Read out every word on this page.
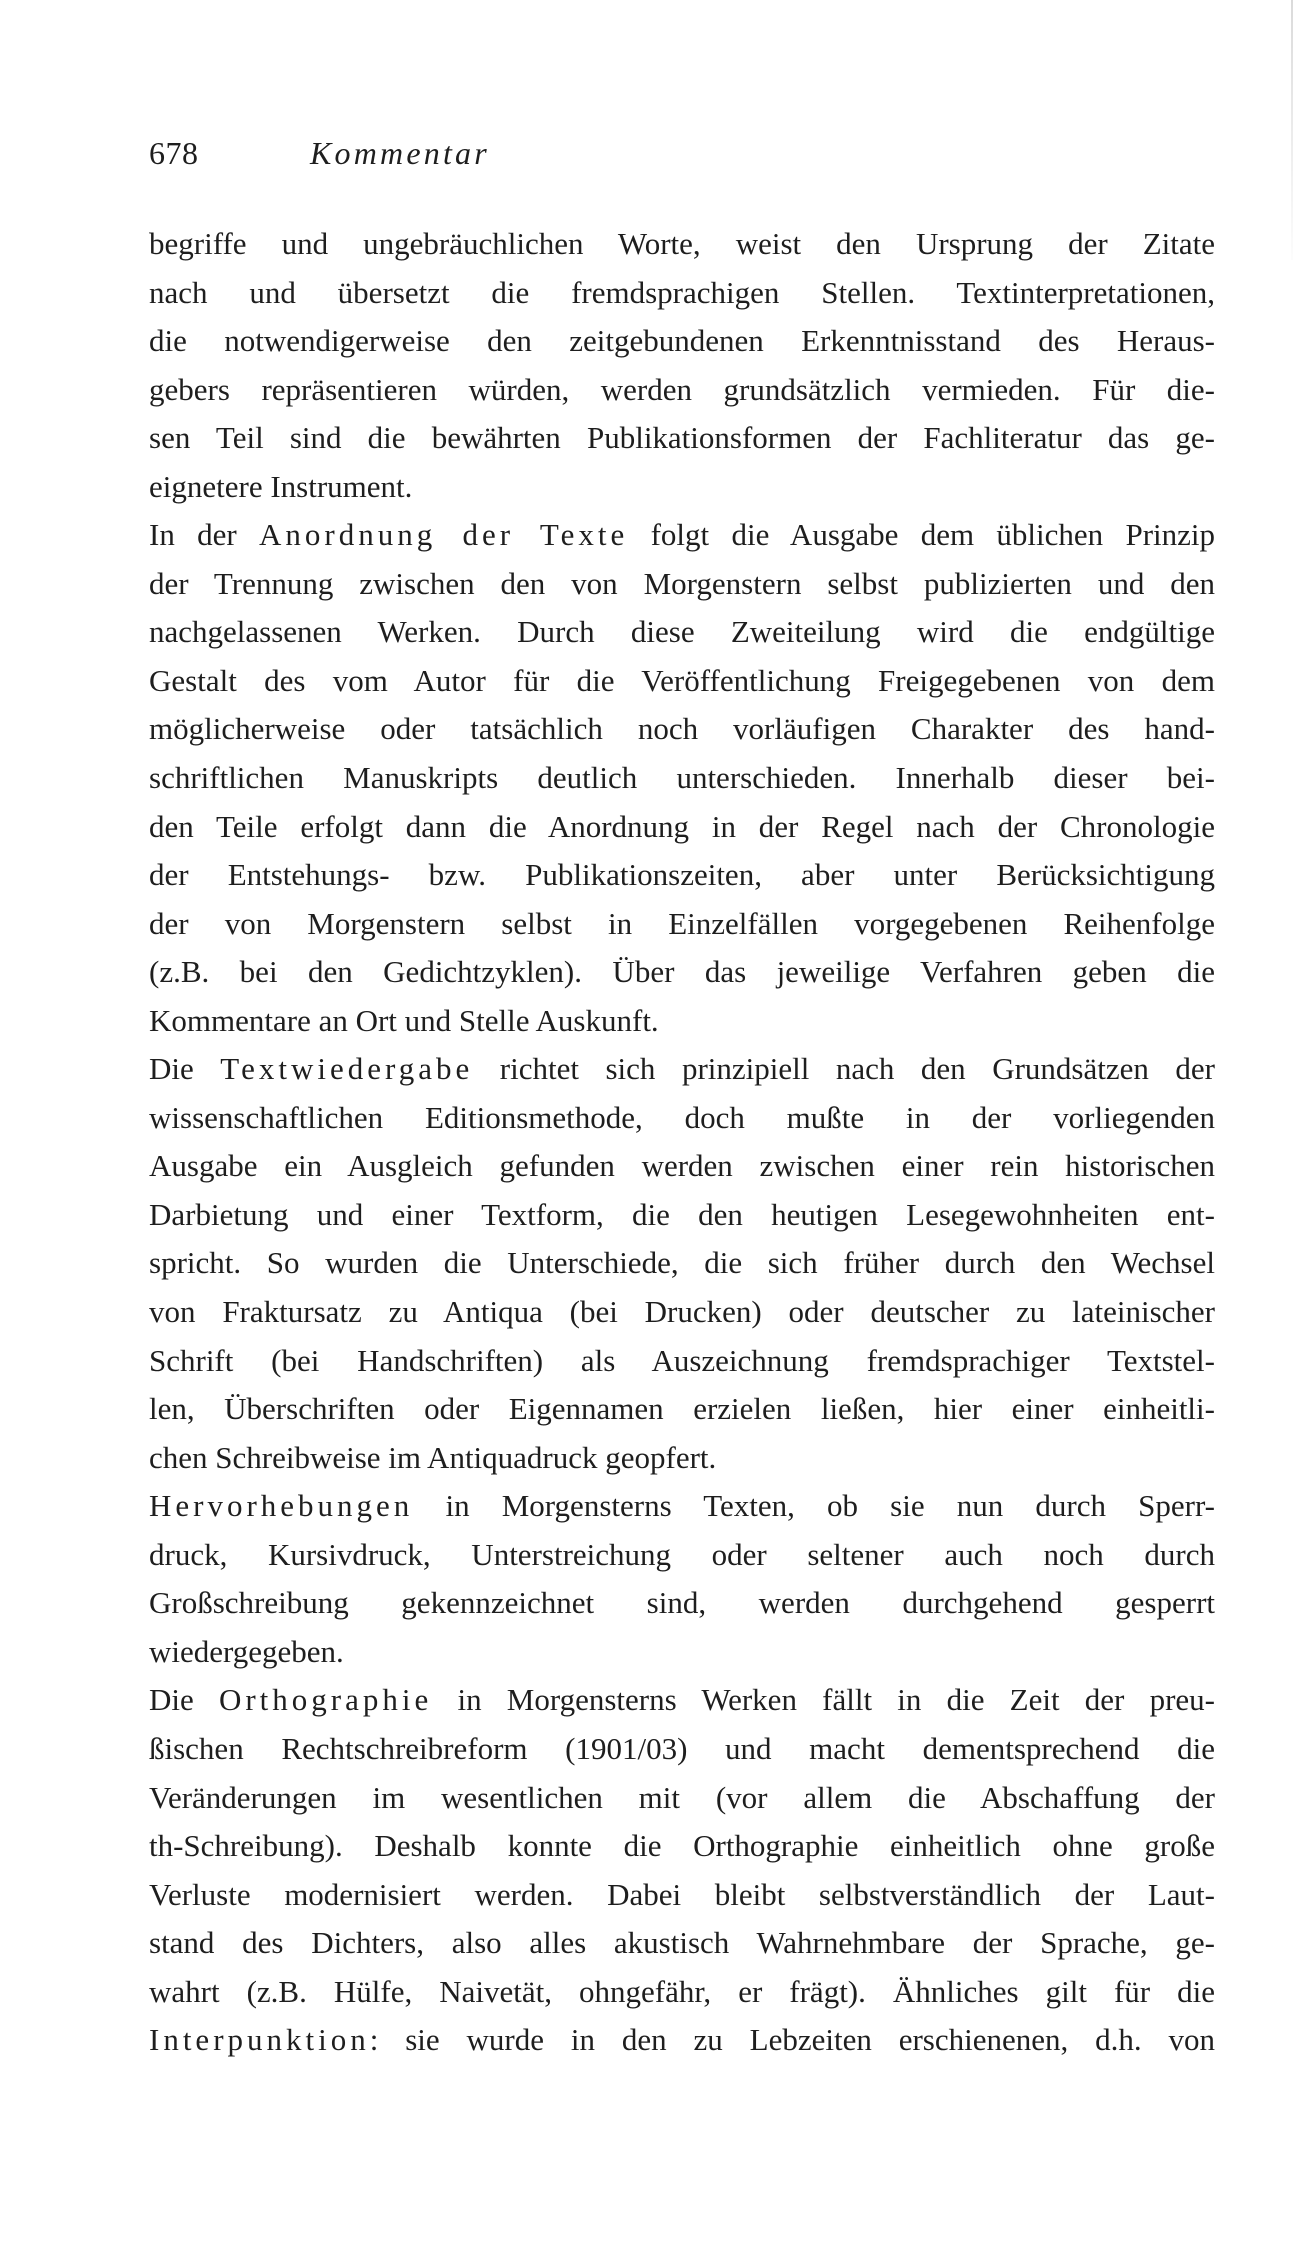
678	Kommentar
begriffe und ungebräuchlichen Worte, weist den Ursprung der Zitate
nach und übersetzt die fremdsprachigen Stellen. Textinterpretationen,
die notwendigerweise den zeitgebundenen Erkenntnisstand des Heraus-
gebers repräsentieren würden, werden grundsätzlich vermieden. Für die-
sen Teil sind die bewährten Publikationsformen der Fachliteratur das ge-
eignetere Instrument.
In der Anordnung der Texte folgt die Ausgabe dem üblichen Prinzip
der Trennung zwischen den von Morgenstern selbst publizierten und den
nachgelassenen Werken. Durch diese Zweiteilung wird die endgültige
Gestalt des vom Autor für die Veröffentlichung Freigegebenen von dem
möglicherweise oder tatsächlich noch vorläufigen Charakter des hand-
schriftlichen Manuskripts deutlich unterschieden. Innerhalb dieser bei-
den Teile erfolgt dann die Anordnung in der Regel nach der Chronologie
der Entstehungs- bzw. Publikationszeiten, aber unter Berücksichtigung
der von Morgenstern selbst in Einzelfällen vorgegebenen Reihenfolge
(z.B. bei den Gedichtzyklen). Über das jeweilige Verfahren geben die
Kommentare an Ort und Stelle Auskunft.
Die Textwiedergabe richtet sich prinzipiell nach den Grundsätzen der
wissenschaftlichen Editionsmethode, doch mußte in der vorliegenden
Ausgabe ein Ausgleich gefunden werden zwischen einer rein historischen
Darbietung und einer Textform, die den heutigen Lesegewohnheiten ent-
spricht. So wurden die Unterschiede, die sich früher durch den Wechsel
von Fraktursatz zu Antiqua (bei Drucken) oder deutscher zu lateinischer
Schrift (bei Handschriften) als Auszeichnung fremdsprachiger Textstel-
len, Überschriften oder Eigennamen erzielen ließen, hier einer einheitli-
chen Schreibweise im Antiquadruck geopfert.
Hervorhebungen in Morgensterns Texten, ob sie nun durch Sperr-
druck, Kursivdruck, Unterstreichung oder seltener auch noch durch
Großschreibung gekennzeichnet sind, werden durchgehend gesperrt
wiedergegeben.
Die Orthographie in Morgensterns Werken fällt in die Zeit der preu-
ßischen Rechtschreibreform (1901/03) und macht dementsprechend die
Veränderungen im wesentlichen mit (vor allem die Abschaffung der
th-Schreibung). Deshalb konnte die Orthographie einheitlich ohne große
Verluste modernisiert werden. Dabei bleibt selbstverständlich der Laut-
stand des Dichters, also alles akustisch Wahrnehmbare der Sprache, ge-
wahrt (z.B. Hülfe, Naivetät, ohngefähr, er frägt). Ähnliches gilt für die
Interpunktion: sie wurde in den zu Lebzeiten erschienenen, d.h. von
